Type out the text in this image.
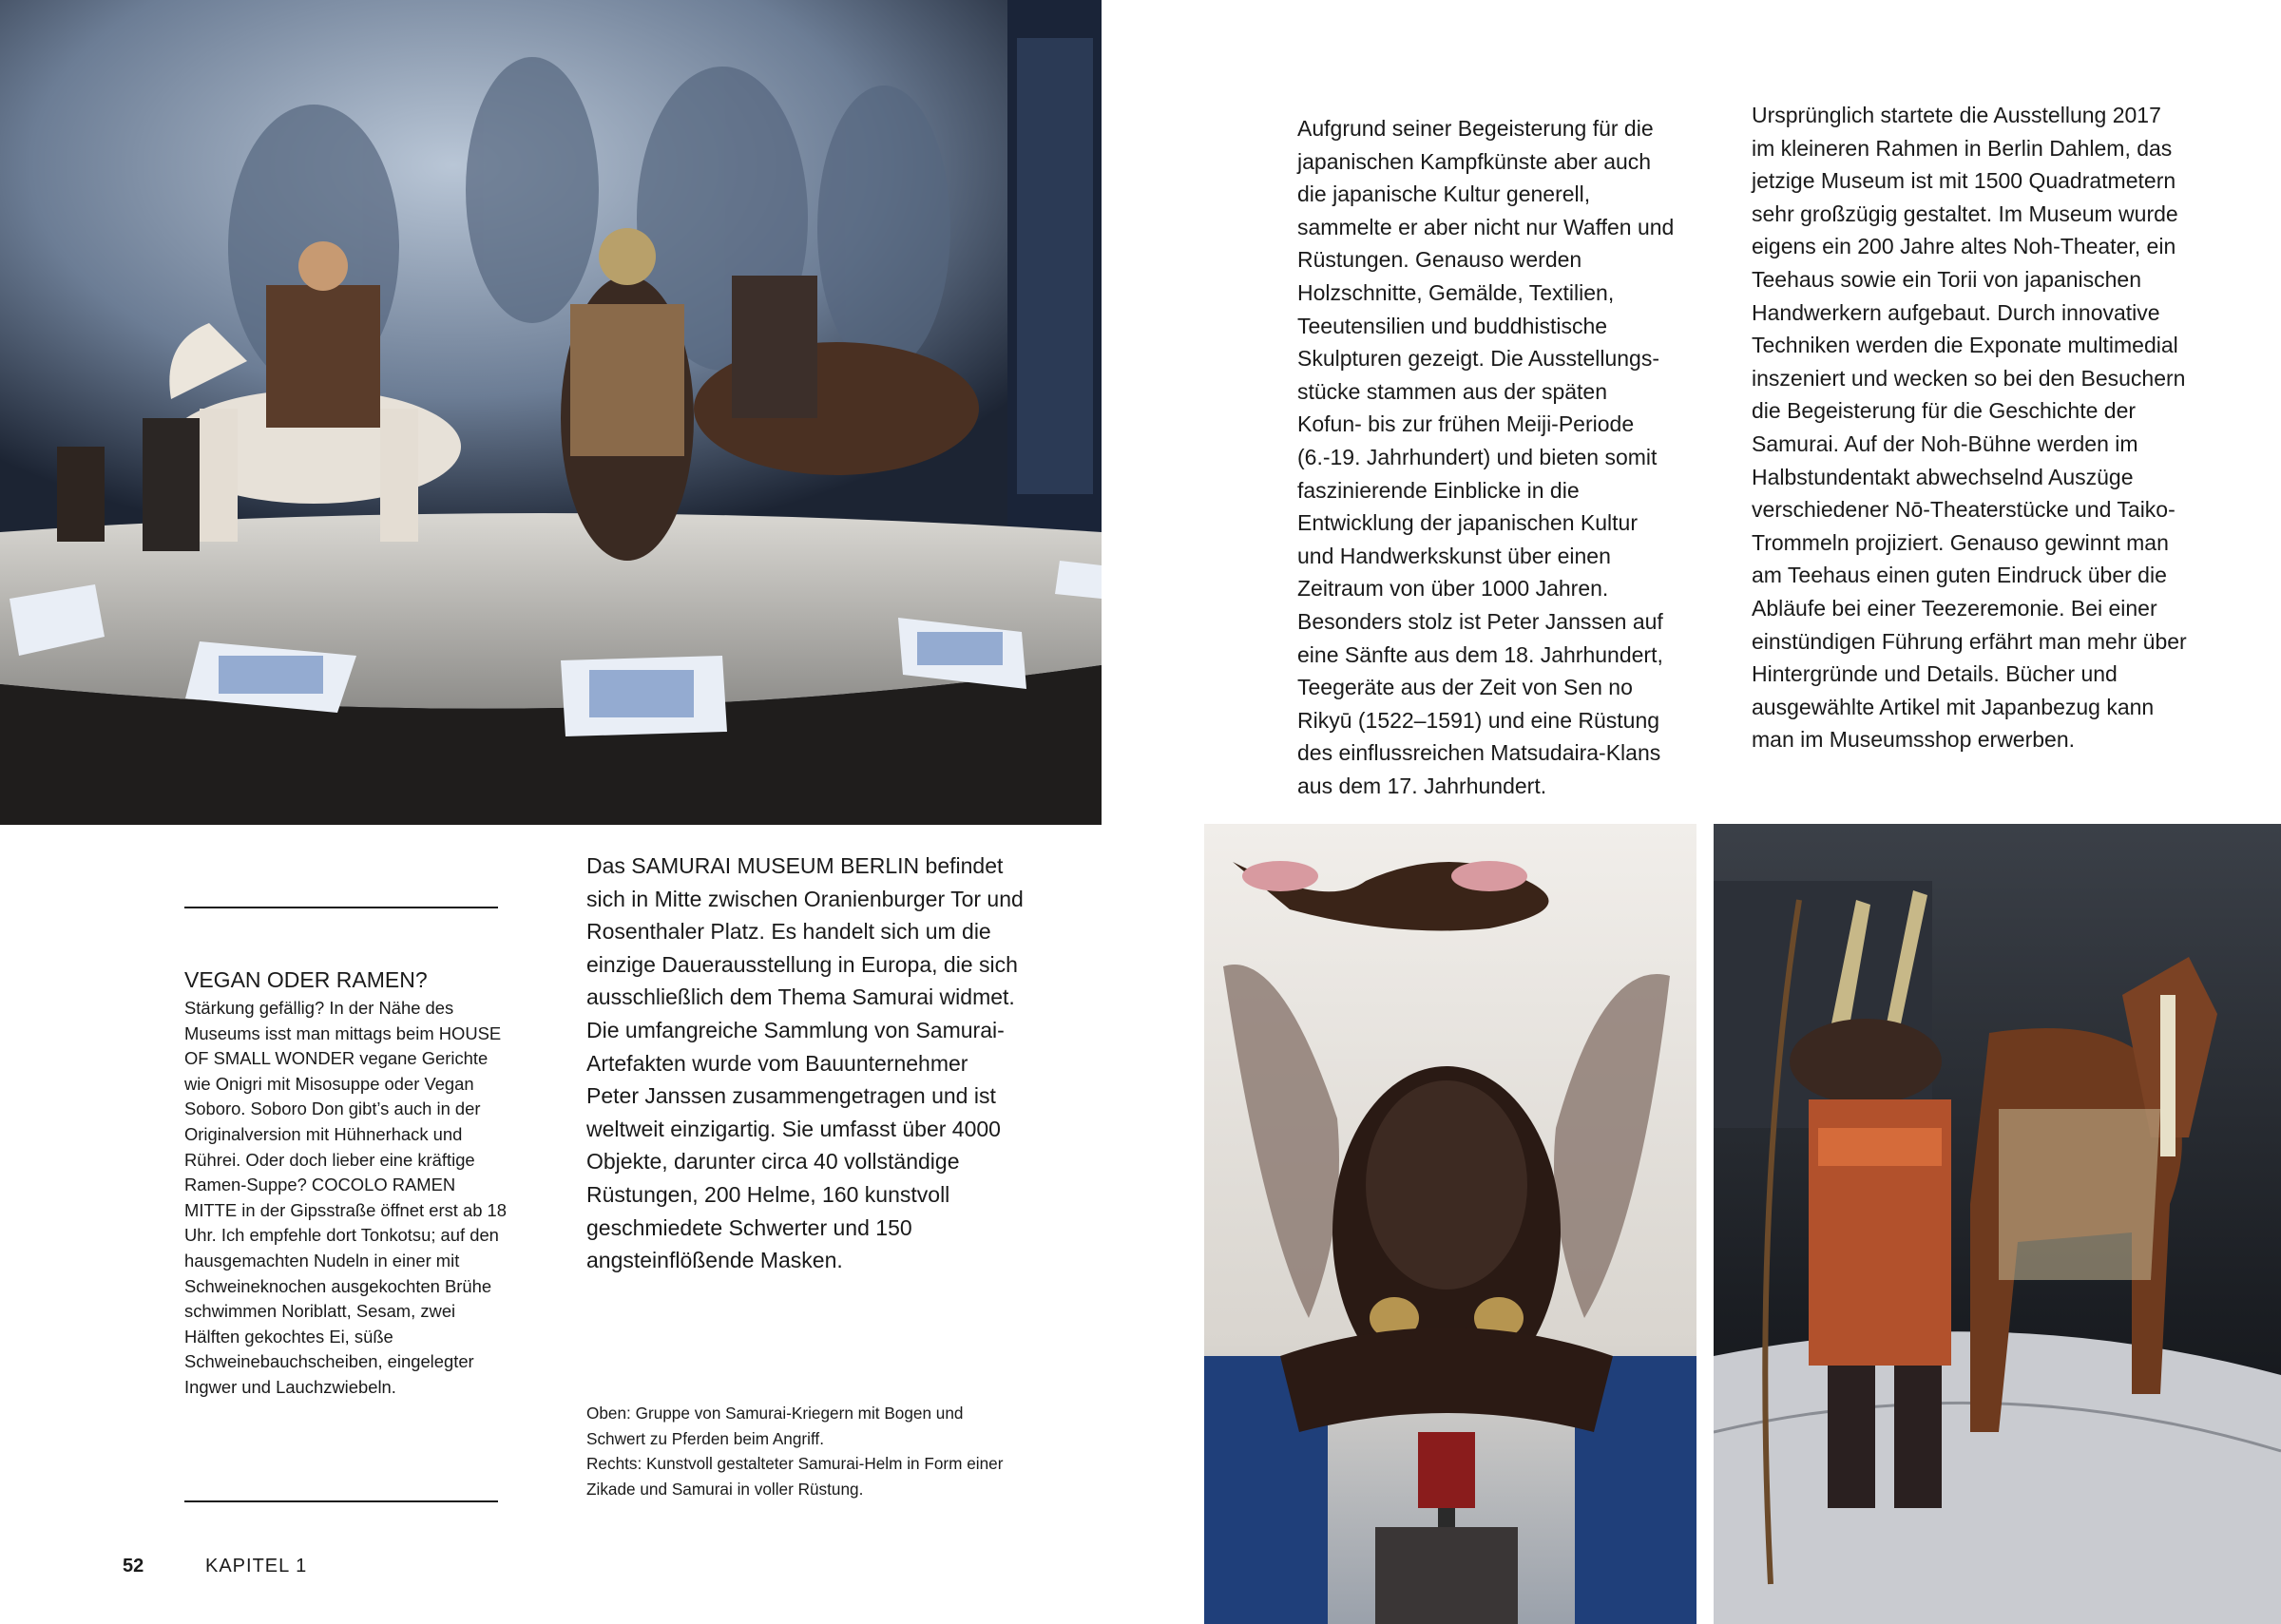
Aufgrund seiner Begeisterung für die japanischen Kampfkünste aber auch die japanische Kultur generell, sammelte er aber nicht nur Waffen und Rüstungen. Genauso werden Holzschnitte, Gemälde, Textilien, Teeutensilien und buddhistische Skulpturen gezeigt. Die Ausstellungsstücke stammen aus der späten Kofun- bis zur frühen Meiji-Periode (6.-19. Jahrhundert) und bieten somit faszinierende Einblicke in die Entwicklung der japanischen Kultur und Handwerkskunst über einen Zeitraum von über 1000 Jahren. Besonders stolz ist Peter Janssen auf eine Sänfte aus dem 18. Jahrhundert, Teegeräte aus der Zeit von Sen no Rikyū (1522–1591) und eine Rüstung des einflussreichen Matsudaira-Klans aus dem 17. Jahrhundert.
Ursprünglich startete die Ausstellung 2017 im kleineren Rahmen in Berlin Dahlem, das jetzige Museum ist mit 1500 Quadratmetern sehr großzügig gestaltet. Im Museum wurde eigens ein 200 Jahre altes Noh-Theater, ein Teehaus sowie ein Torii von japanischen Handwerkern aufgebaut. Durch innovative Techniken werden die Exponate multimedial inszeniert und wecken so bei den Besuchern die Begeisterung für die Geschichte der Samurai. Auf der Noh-Bühne werden im Halbstundentakt abwechselnd Auszüge verschiedener Nō-Theaterstücke und Taiko-Trommeln projiziert. Genauso gewinnt man am Teehaus einen guten Eindruck über die Abläufe bei einer Teezeremonie. Bei einer einstündigen Führung erfährt man mehr über Hintergründe und Details. Bücher und ausgewählte Artikel mit Japanbezug kann man im Museumsshop erwerben.
VEGAN ODER RAMEN?
Stärkung gefällig? In der Nähe des Museums isst man mittags beim HOUSE OF SMALL WONDER vegane Gerichte wie Onigri mit Misosuppe oder Vegan Soboro. Soboro Don gibt’s auch in der Originalversion mit Hühnerhack und Rührei. Oder doch lieber eine kräftige Ramen-Suppe? COCOLO RAMEN MITTE in der Gipsstraße öffnet erst ab 18 Uhr. Ich empfehle dort Tonkotsu; auf den hausgemachten Nudeln in einer mit Schweineknochen ausgekochten Brühe schwimmen Noriblatt, Sesam, zwei Hälften gekochtes Ei, süße Schweinebauchscheiben, eingelegter Ingwer und Lauchzwiebeln.
Das SAMURAI MUSEUM BERLIN befindet sich in Mitte zwischen Oranienburger Tor und Rosenthaler Platz. Es handelt sich um die einzige Dauerausstellung in Europa, die sich ausschließlich dem Thema Samurai widmet. Die umfangreiche Sammlung von Samurai-Artefakten wurde vom Bauunternehmer Peter Janssen zusammengetragen und ist weltweit einzigartig. Sie umfasst über 4000 Objekte, darunter circa 40 vollständige Rüstungen, 200 Helme, 160 kunstvoll geschmiedete Schwerter und 150 angsteinflößende Masken.
Oben: Gruppe von Samurai-Kriegern mit Bogen und Schwert zu Pferden beim Angriff.
Rechts: Kunstvoll gestalteter Samurai-Helm in Form einer Zikade und Samurai in voller Rüstung.
52	KAPITEL 1
